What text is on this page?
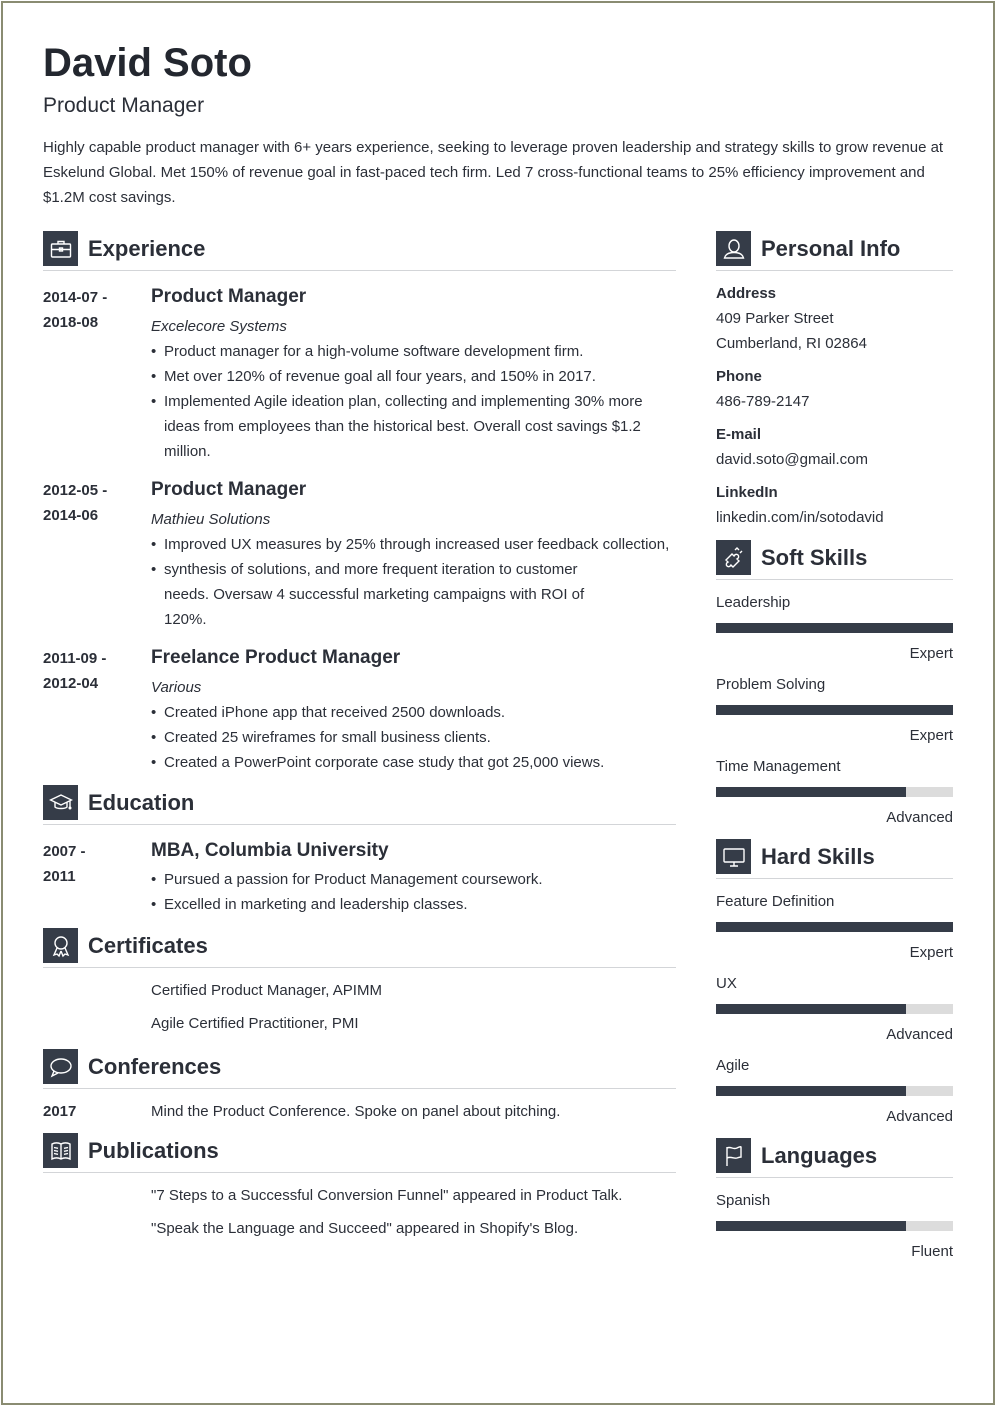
David Soto
Product Manager

Highly capable product manager with 6+ years experience, seeking to leverage proven leadership and strategy skills to grow revenue at Eskelund Global. Met 150% of revenue goal in fast-paced tech firm. Led 7 cross-functional teams to 25% efficiency improvement and $1.2M cost savings.

Experience
2014-07 -
2018-08
Product Manager
Excelecore Systems
• Product manager for a high-volume software development firm.
• Met over 120% of revenue goal all four years, and 150% in 2017.
• Implemented Agile ideation plan, collecting and implementing 30% more ideas from employees than the historical best. Overall cost savings $1.2 million.
2012-05 -
2014-06
Product Manager
Mathieu Solutions
• Improved UX measures by 25% through increased user feedback collection,
• synthesis of solutions, and more frequent iteration to customer needs. Oversaw 4 successful marketing campaigns with ROI of 120%.
2011-09 -
2012-04
Freelance Product Manager
Various
• Created iPhone app that received 2500 downloads.
• Created 25 wireframes for small business clients.
• Created a PowerPoint corporate case study that got 25,000 views.
Education
2007 -
2011
MBA, Columbia University
• Pursued a passion for Product Management coursework.
• Excelled in marketing and leadership classes.
Certificates
Certified Product Manager, APIMM
Agile Certified Practitioner, PMI
Conferences
2017	Mind the Product Conference. Spoke on panel about pitching.
Publications
"7 Steps to a Successful Conversion Funnel" appeared in Product Talk.
"Speak the Language and Succeed" appeared in Shopify's Blog.
Personal Info
Address
409 Parker Street
Cumberland, RI 02864
Phone
486-789-2147
E-mail
david.soto@gmail.com
LinkedIn
linkedin.com/in/sotodavid
Soft Skills
Leadership
Expert
Problem Solving
Expert
Time Management
Advanced
Hard Skills
Feature Definition
Expert
UX
Advanced
Agile
Advanced
Languages
Spanish
Fluent
